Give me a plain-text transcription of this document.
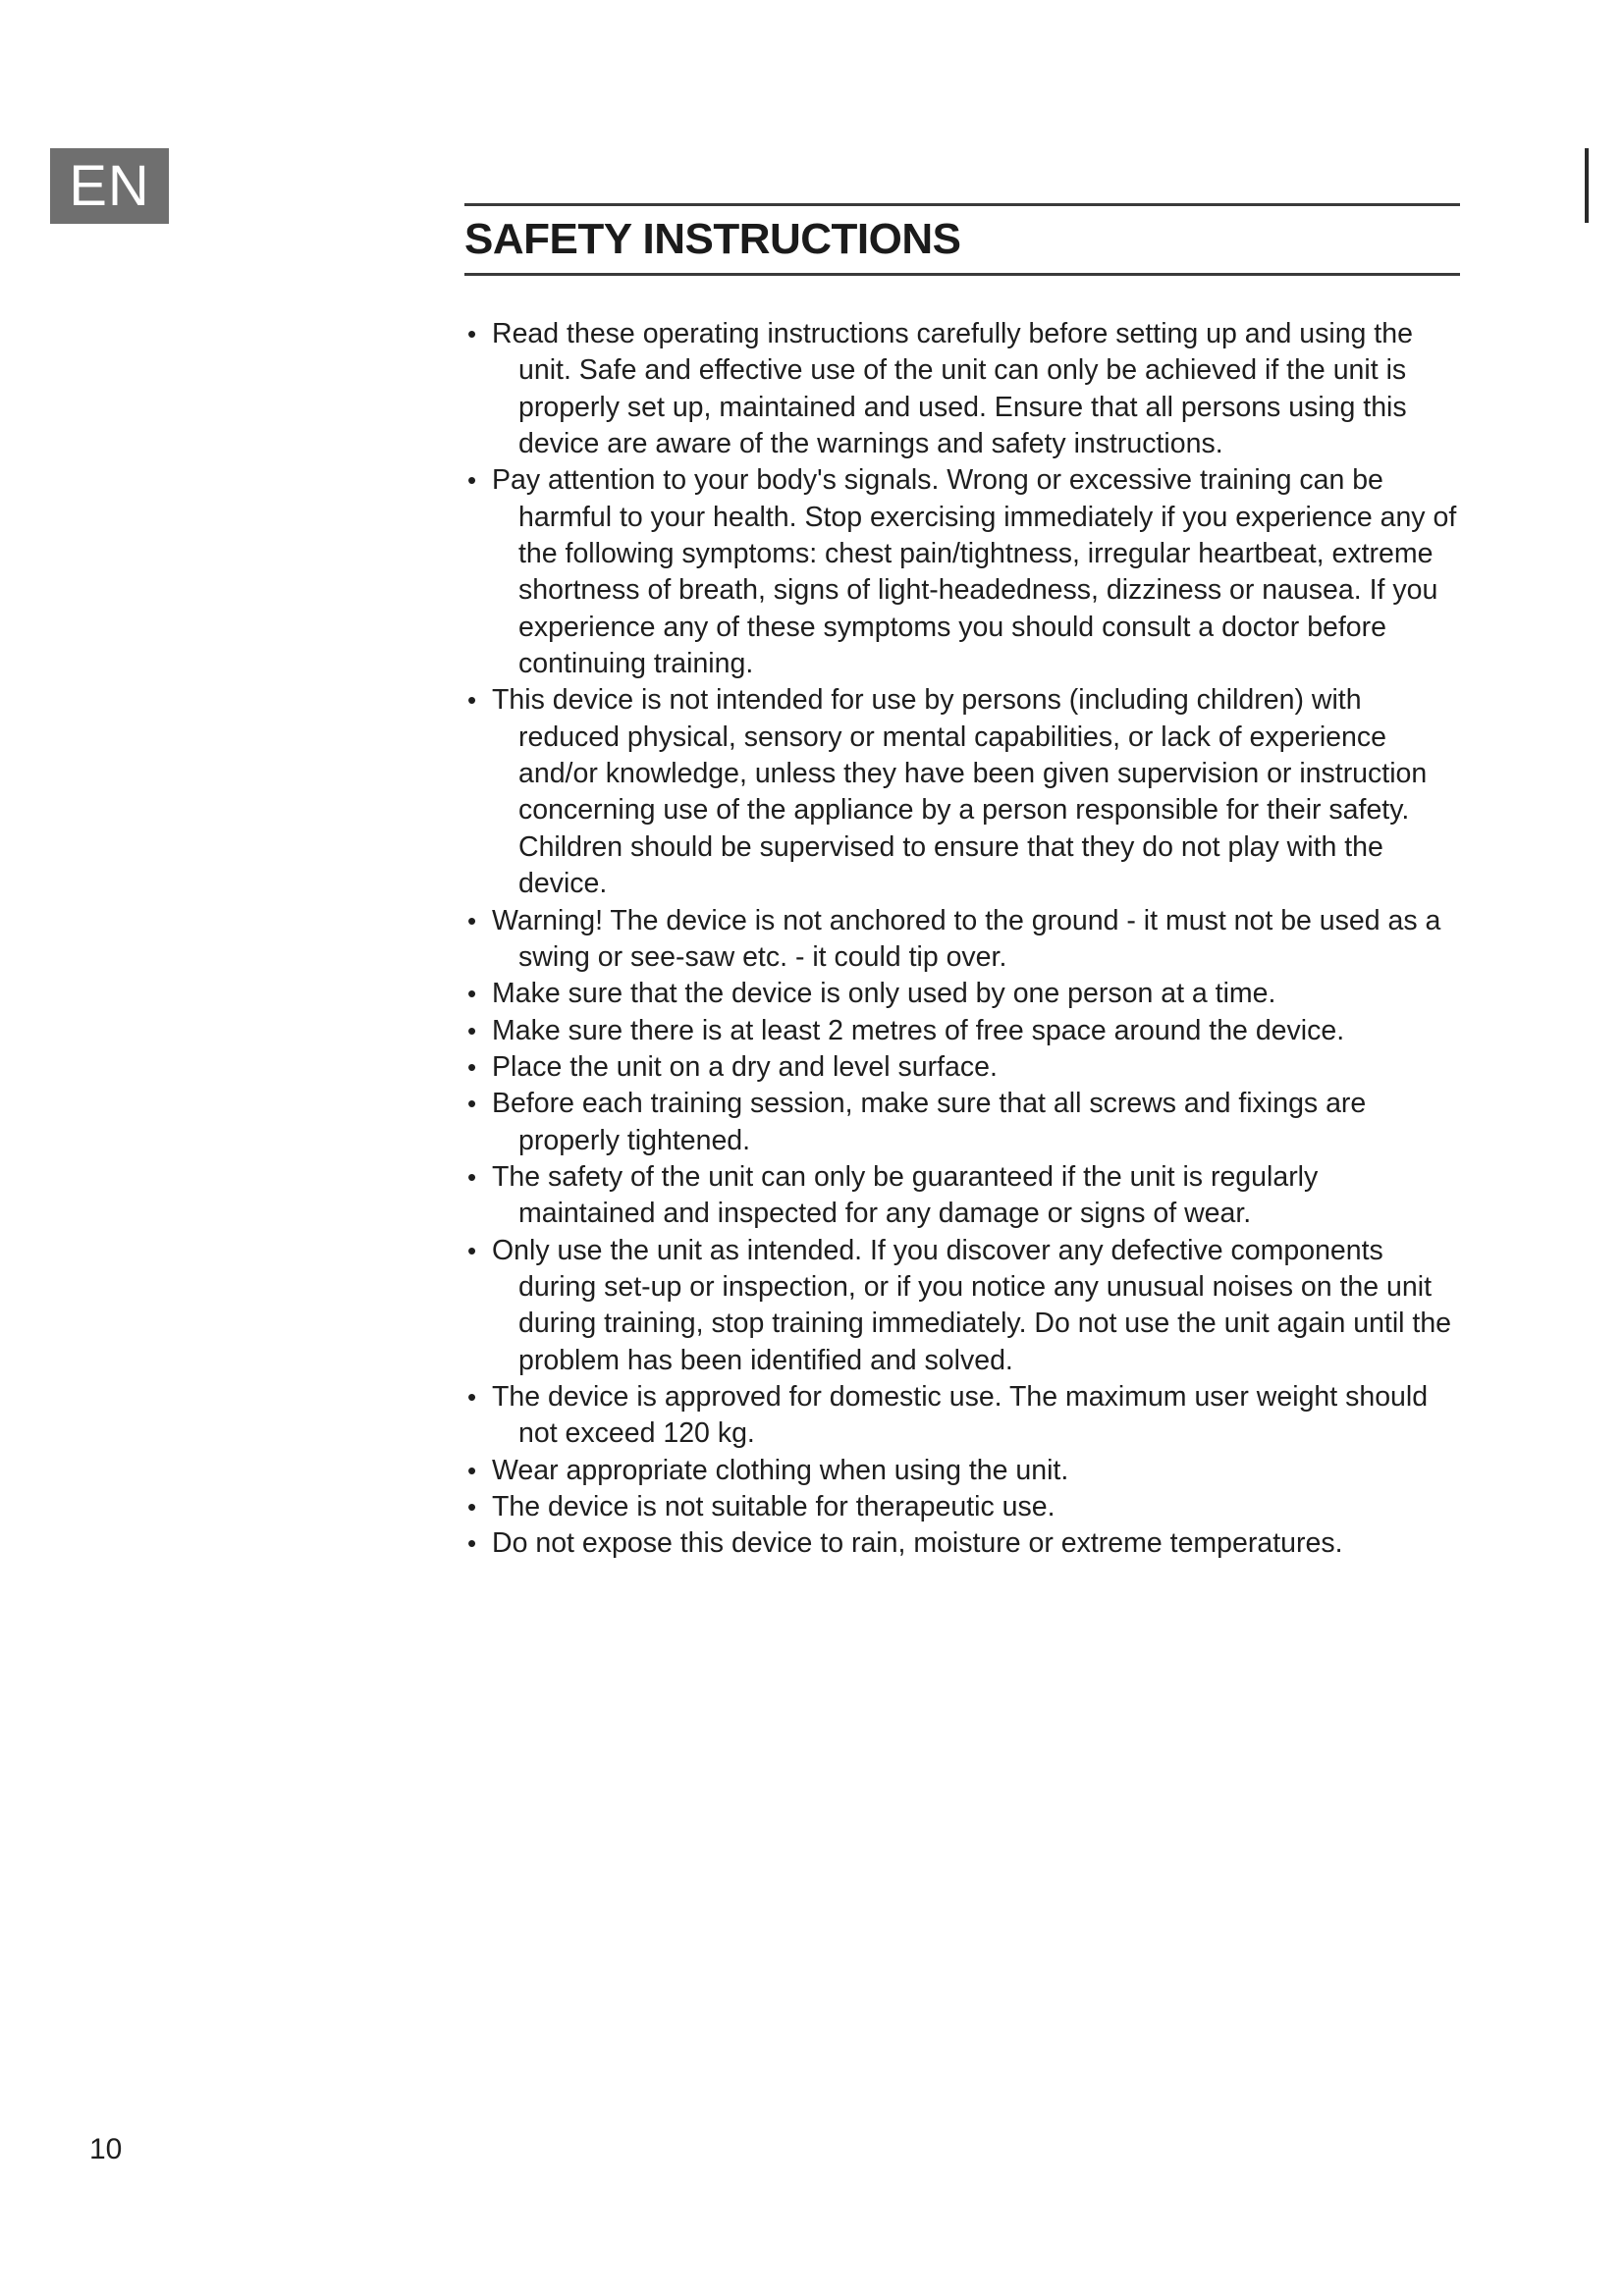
EN
SAFETY INSTRUCTIONS
• Read these operating instructions carefully before setting up and using the unit. Safe and effective use of the unit can only be achieved if the unit is properly set up, maintained and used. Ensure that all persons using this device are aware of the warnings and safety instructions.
• Pay attention to your body's signals. Wrong or excessive training can be harmful to your health. Stop exercising immediately if you experience any of the following symptoms: chest pain/tightness, irregular heartbeat, extreme shortness of breath, signs of light-headedness, dizziness or nausea. If you experience any of these symptoms you should consult a doctor before continuing training.
• This device is not intended for use by persons (including children) with reduced physical, sensory or mental capabilities, or lack of experience and/or knowledge, unless they have been given supervision or instruction concerning use of the appliance by a person responsible for their safety. Children should be supervised to ensure that they do not play with the device.
• Warning! The device is not anchored to the ground - it must not be used as a swing or see-saw etc. - it could tip over.
• Make sure that the device is only used by one person at a time.
• Make sure there is at least 2 metres of free space around the device.
• Place the unit on a dry and level surface.
• Before each training session, make sure that all screws and fixings are properly tightened.
• The safety of the unit can only be guaranteed if the unit is regularly maintained and inspected for any damage or signs of wear.
• Only use the unit as intended. If you discover any defective components during set-up or inspection, or if you notice any unusual noises on the unit during training, stop training immediately. Do not use the unit again until the problem has been identified and solved.
• The device is approved for domestic use. The maximum user weight should not exceed 120 kg.
• Wear appropriate clothing when using the unit.
• The device is not suitable for therapeutic use.
• Do not expose this device to rain, moisture or extreme temperatures.
10
